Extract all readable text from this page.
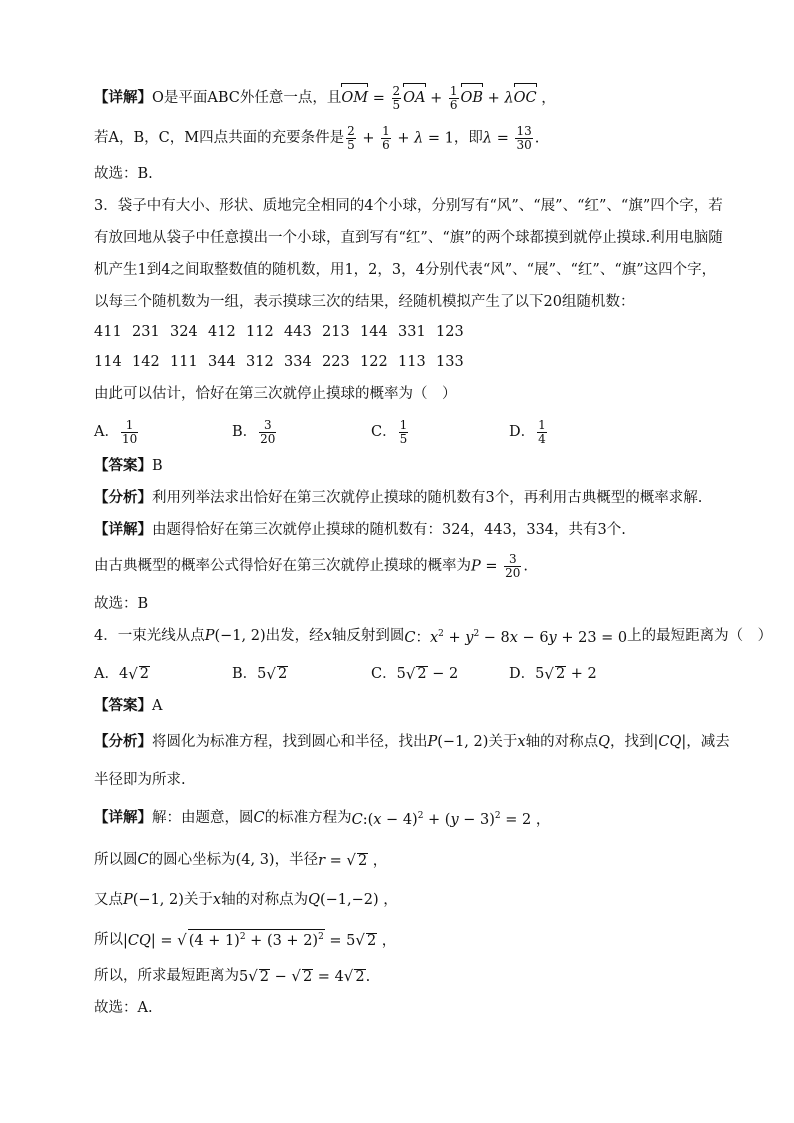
【详解】 O是平面ABC外任意一点，且 OM = $\frac{2}{5}$ OA + $\frac{1}{6}$ OB + λOC ，
若A，B，C，M四点共面的充要条件是 $\frac{2}{5} + \frac{1}{6} + \lambda = 1$ ，即 $\lambda = \frac{13}{30}$ .
故选：B.
3．袋子中有大小、形状、质地完全相同的4个小球，分别写有“风”、“展”、“红”、“旗”四个字，若
有放回地从袋子中任意摸出一个小球，直到写有“红”、“旗”的两个球都摸到就停止摸球.利用电脑随
机产生1到4之间取整数值的随机数，用1，2，3，4分别代表“风”、“展”、“红”、“旗”这四个字，
以每三个随机数为一组，表示摸球三次的结果，经随机模拟产生了以下20组随机数：
411 231 324 412 112 443 213 144 331 123
114 142 111 344 312 334 223 122 113 133
由此可以估计，恰好在第三次就停止摸球的概率为（　）
A． $\frac{1}{10}$	B． $\frac{3}{20}$	C． $\frac{1}{5}$	D． $\frac{1}{4}$
【答案】 B
【分析】 利用列举法求出恰好在第三次就停止摸球的随机数有3个，再利用古典概型的概率求解.
【详解】 由题得恰好在第三次就停止摸球的随机数有：324，443，334，共有3个.
由古典概型的概率公式得恰好在第三次就停止摸球的概率为 $P = \frac{3}{20}$ .
故选：B
4．一束光线从点 P(−1, 2) 出发，经 x 轴反射到圆 C：$x^2 + y^2 - 8x - 6y + 23 = 0$ 上的最短距离为（　）
A． 4 √ 2	B． 5 √ 2	C． 5 √ 2 − 2	D． 5 √ 2 + 2
【答案】 A
【分析】 将圆化为标准方程，找到圆心和半径，找出 P(−1, 2) 关于 x 轴的对称点 Q ，找到 |CQ| ，减去
半径即为所求.
【详解】 解：由题意，圆 C 的标准方程为 C:(x − $4)^2 + (y - 3)^2 = 2$ ，
所以圆 C 的圆心坐标为 (4, 3) ，半径 r = √ 2 ，
又点 P(−1, 2) 关于 x 轴的对称点为 Q(−1,−2) ，
所以 |CQ| = √ $(4 + 1)^2 + (3 + 2)^2 = 5√$ 2 ，
所以，所求最短距离为 5√ 2 − √ 2 = 4√ 2.
故选：A.
